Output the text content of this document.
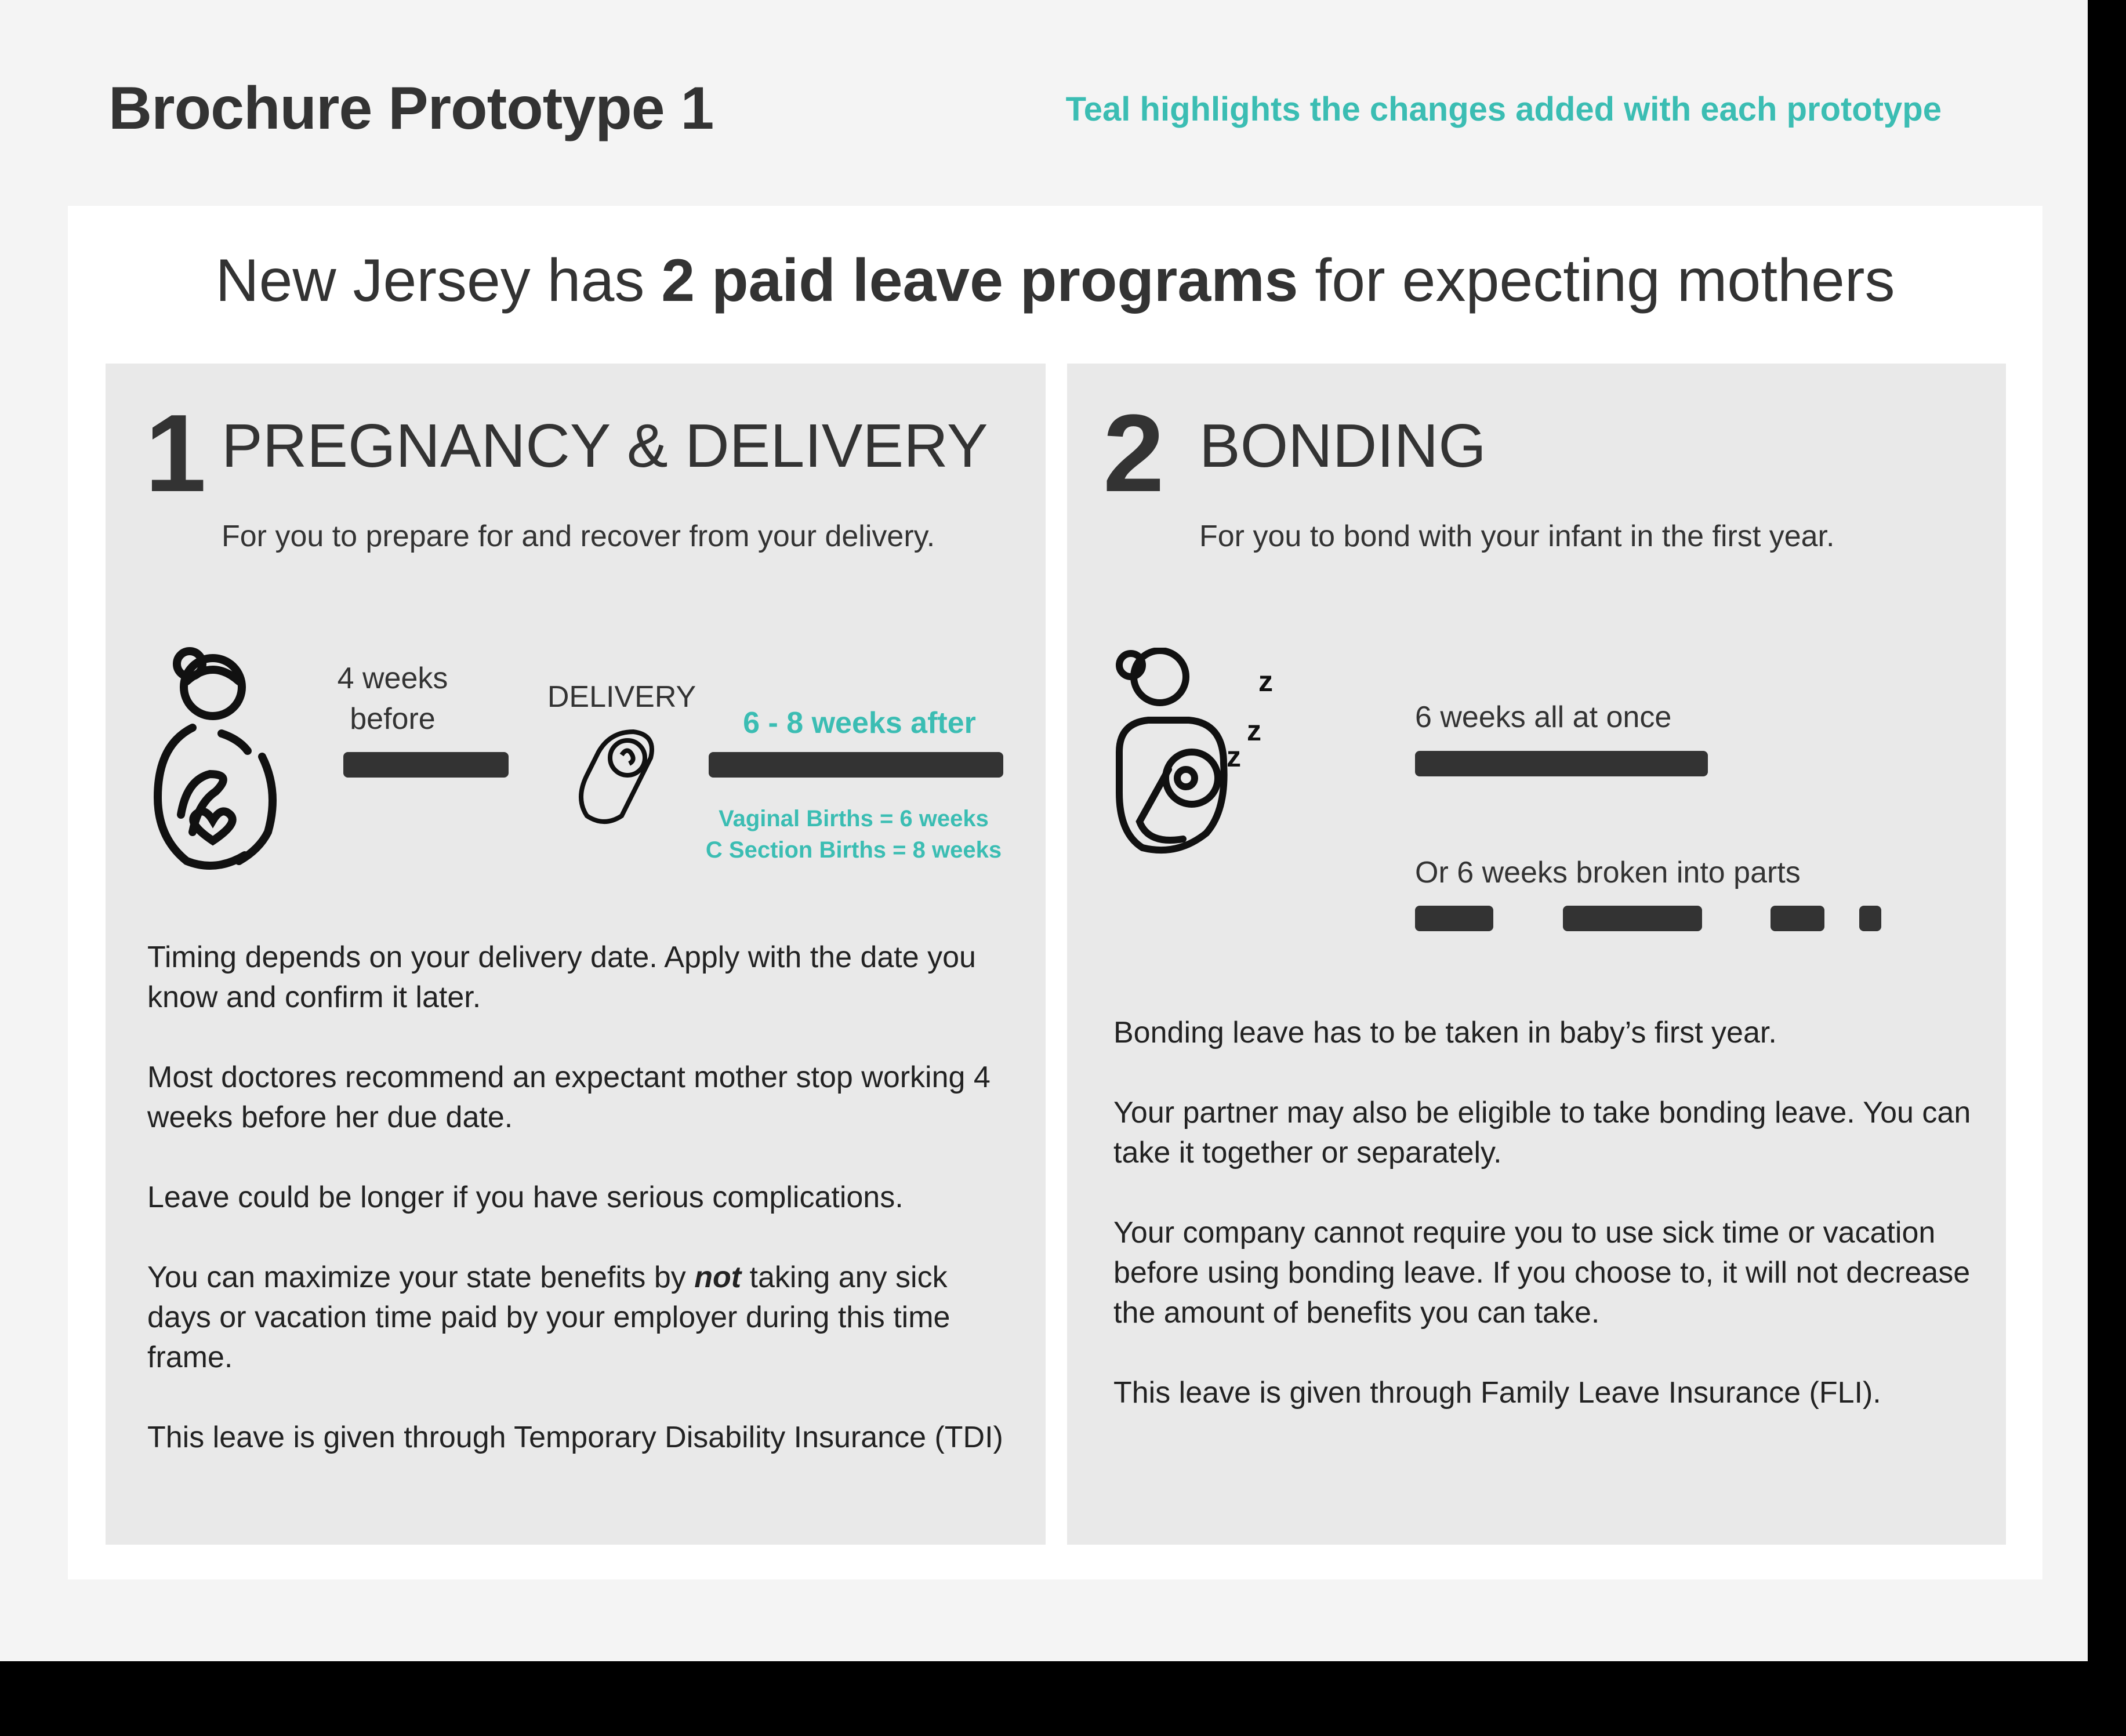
Brochure Prototype 1	Teal highlights the changes added with each prototype
New Jersey has 2 paid leave programs for expecting mothers
1 PREGNANCY & DELIVERY
For you to prepare for and recover from your delivery.
4 weeks
before
DELIVERY
6 - 8 weeks after
Vaginal Births = 6 weeks
C Section Births = 8 weeks

Timing depends on your delivery date. Apply with the date you know and confirm it later.

Most doctores recommend an expectant mother stop working 4 weeks before her due date.

Leave could be longer if you have serious complications.

You can maximize your state benefits by not taking any sick days or vacation time paid by your employer during this time frame.

This leave is given through Temporary Disability Insurance (TDI)

2 BONDING
For you to bond with your infant in the first year.
z
z
z
6 weeks all at once
Or 6 weeks broken into parts

Bonding leave has to be taken in baby’s first year.

Your partner may also be eligible to take bonding leave. You can take it together or separately.

Your company cannot require you to use sick time or vacation before using bonding leave. If you choose to, it will not decrease the amount of benefits you can take.

This leave is given through Family Leave Insurance (FLI).
